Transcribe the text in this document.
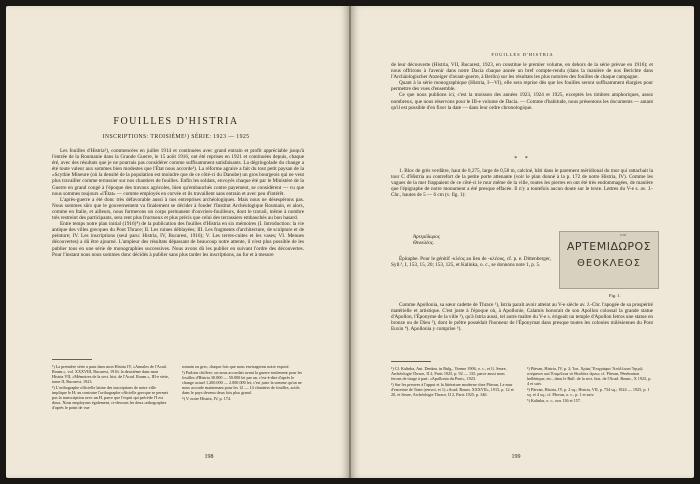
FOUILLES D'HISTRIA
INSCRIPTIONS: TROISIÈME¹) SÉRIE: 1923 — 1925

Les fouilles d'Histria²), commencées en juillet 1914 et continuées avec grand entrain et profit appréciable jusqu'à l'entrée de la Roumanie dans la Grande Guerre, le 15 août 1916, ont été reprises en 1921 et continuées depuis, chaque été, avec des résultats que je ne pourrais pas considérer comme suffisamment satisfaisants. La dégringolade du change a été toute valeur aux sommes bien modestes que l'État nous accorde³). La réforme agraire a fait du tout petit paysan de la «Scythie Mineure (où la densité de la population est moindre que de ce côté-ci du Danube) un gros bourgeois qui ne veut plus travailler comme terrassier sur nos chantiers de fouilles. Enfin les soldats, envoyés chaque été par le Ministère de la Guerre en grand congé à l'époque des travaux agricoles, bien qu'embauchés contre payement, se considèrent — vu que nous sommes toujours «l'État» — comme employés en corvée et ils travaillent sans entrain et avec peu d'intérêt.

L'après-guerre a été donc très défavorable aussi à nos entreprises archéologiques. Mais nous ne désespérons pas. Nous sommes sûrs que le gouvernement va finalement se décider à fonder l'Institut Archéologique Roumain, et alors, comme en Italie, et ailleurs, nous formerons un corps permanent d'ouvriers-fouilleurs, dont le travail, même à nombre très restreint des participants, sera rent plus fructueux et plus précis que celui des terrassiers embauchés au bon hasard.

Entre temps notre plan initial (1916)⁴) de la publication des fouilles d'Histria en six mémoires (I. Introduction: la vie antique des villes grecques du Pont Thrace; II. Les ruines déblayées; III. Les fragments d'architecture, de sculpture et de peinture; IV. Les inscriptions (seul paru: Histria, IV, Bucarest, 1916); V. Les terres-cuites et les vases; VI. Menues découvertes) a dû être ajourné. L'ampleur des résultats dépassant de beaucoup notre attente, il n'est plus possible de les publier tous en une série de monographies successives. Nous avons dû les publier en suivant l'ordre des découvertes. Pour l'instant nous nous sommes donc décidés à publier sans plus tarder les inscriptions, au fur et à mesure

¹) La première série a paru dans mon Histria IV, «Annales de l'Acad. Roum.», vol. XXXVIII, Bucarest, 1916; la deuxième dans mon Histria VII, «Mémoires de la sect. hist. de l'Acad. Roum.», III-e série, tome II, Bucarest, 1923.

²) L'orthographe officielle latine des inscriptions de notre ville implique le H; au contraire l'orthographe officielle grecque se permet pas la transcription avec un H, parce que l'esprit qui précède l'I est doux. Nous employons également, ci-dessous les deux orthographes d'après le point de vue

romain ou grec, chaque fois que nous envisageons notre exposé.

³) Parlons chiffres: on nous accordait avant la guerre seulement pour les fouilles d'Histria 30.000 — 50.000 lei par an, c'est-à-dire d'après le change actuel 1.200.000 — 2.000.000 lei; c'est juste la somme qu'on ne nous accorde maintenant pour les 12 — 14 chantiers de fouilles, actifs dans le pays devenu deux fois plus grand.

⁴) V. notre Histria, IV, p. 174.

198
FOUILLES D'HISTRIA

de leur découverte (Histria, VII, Bucarest, 1923, en constitue le premier volume, en dehors de la série prévue en 1916); et nous offrirons à l'avenir dans notre Dacia chaque année un bref compte-rendu (dans la manière de nos Berichte dans l'Archäologischer Anzeiger d'avant-guerre, à Berlin) sur les résultats les plus notoires des fouilles de chaque campagne.

Quant à la série monographique (Histria, I—VI), elle sera reprise dès que les fouilles seront suffisamment élargies pour permettre des vues d'ensemble.

Ce que nous publions ici, c'est la moisson des années 1923, 1924 et 1925, exceptés les timbres amphoriques, assez nombreux, que nous réservons pour le III-e volume de Dacia. — Comme d'habitude, nous présentons les documents — autant qu'il est possible d'en fixer la date — dans leur ordre chronologique.

* *

1. Bloc de grès verdâtre, haut de 0,275, large de 0,58 m, calciné, bâti dans le parement méridional du mur qui rattachait la tour C d'Histria au contrefort de la petite porte attenante (voir le plan donné à la p. 172 de notre Histria, IV). Comme les vagues de la mer frappaient de ce côté-ci le mur même de la ville, toutes les pierres en ont été très endommagées, de manière que l'épigraphe de notre monument a été presque effacée. Il n'y a toutefois aucun doute sur le texte. Lettres du V-e s. av. J.-Chr., hautes de 5 — 6 cm (v. fig. 1):

Ἀρτεμίδωρος

Θεοκλέος.

Épitaphe. Pour le génitif -κλέος au lieu de -κλέους, cf. p. e. Dittenberger, Syll.³, I, 153, 15, 20; 153, 125, et Kalinka, o. c., se donnons note 1, p. 5.

0,58
ΑΡΤΕΜΙΔΩΡΟΣ
ΘΕΟΚΛΕΟΣ
Fig. 1.

Comme Apollonia, sa sœur cadette de Thrace ¹), Istria paraît avoir atteint au V-e siècle av. J.-Chr. l'apogée de sa prospérité matérielle et artistique. C'est juste à l'époque où, à Apollonie, Calamis honorait de son Apollon colossal la grande statue d'Apollon, l'Éponyme de la ville ²), qu'à Istria aussi, tel autre maître du V-e s. érigeait un temple d'Apollon Ietros une statue en bronze ou de Dieu ³), dont le prêtre possédait l'honneur de l'Éponymat dans presque toutes les colonies milésiennes du Pont Euxin ⁴). Apollonia y comprise ⁵).

¹) Cf. Kalinka, Ant. Denkm. in Bulg., Vienne 1906, o. c., et G. Seure, Archéologie Thrace, II 2, Paris 1925, p. 92 — 135, parce aussi nous ferons de tirage à part: «Apollonia du Pont», 1923.

²) Sur les preuves à l'appui et la littérature moderne chez Pârvan, Le mur d'enceinte de Tomi (renvoi, et 1) «Acad. Roum. XXXVII», 1915, p. 12 et 20, et Seure, Archéologie Thrace, II 2, Paris 1925, p. 346.

³) Pârvan, Histria, IV, p. 2; 'Ιατ. Ἀρίας' Ἐπιγράφαι 'Απόλλωνα 'Ιητρῷ στέφανον καὶ Ἐπιμέλεια τὸ Θεοδότε ίέρεω; cf. Pârvan, Pénétration hellénique, etc., dans le Bull. de la sect. hist. de l'Acad. Roum., X 1923, p. 4 et suiv.

⁴) Pârvan, Histria, IV, p. 2 sq.; Histria, VII, p. 734 sq.; 1924 — 1925, p. 1 sq. et 4 sq.; cf. Pârvan, o. c., p. 1 et suiv.

⁵) Kalinka, o. c., nos 136 et 157.

199
